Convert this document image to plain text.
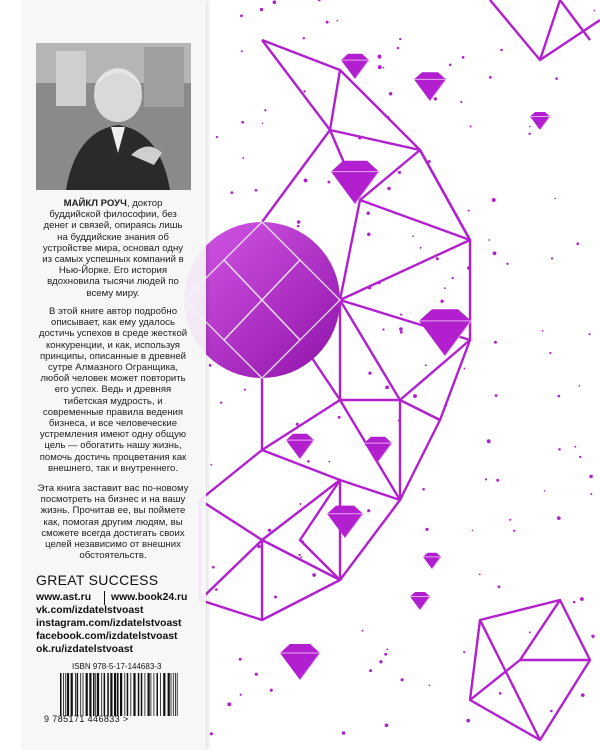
МАЙКЛ РОУЧ, доктор буддийской философии, без денег и связей, опираясь лишь на буддийские знания об устройстве мира, основал одну из самых успешных компаний в Нью-Йорке. Его история вдохновила тысячи людей по всему миру.
В этой книге автор подробно описывает, как ему удалось достичь успехов в среде жесткой конкуренции, и как, используя принципы, описанные в древней сутре Алмазного Огранщика, любой человек может повторить его успех. Ведь и древняя тибетская мудрость, и современные правила ведения бизнеса, и все человеческие устремления имеют одну общую цель — обогатить нашу жизнь, помочь достичь процветания как внешнего, так и внутреннего.
Эта книга заставит вас по-новому посмотреть на бизнес и на вашу жизнь. Прочитав ее, вы поймете как, помогая другим людям, вы сможете всегда достигать своих целей независимо от внешних обстоятельств.
GREAT SUCCESS
www.ast.ru www.book24.ru
vk.com/izdatelstvoast
instagram.com/izdatelstvoast
facebook.com/izdatelstvoast
ok.ru/izdatelstvoast
ISBN 978-5-17-144683-3
9 785171 446833 >
